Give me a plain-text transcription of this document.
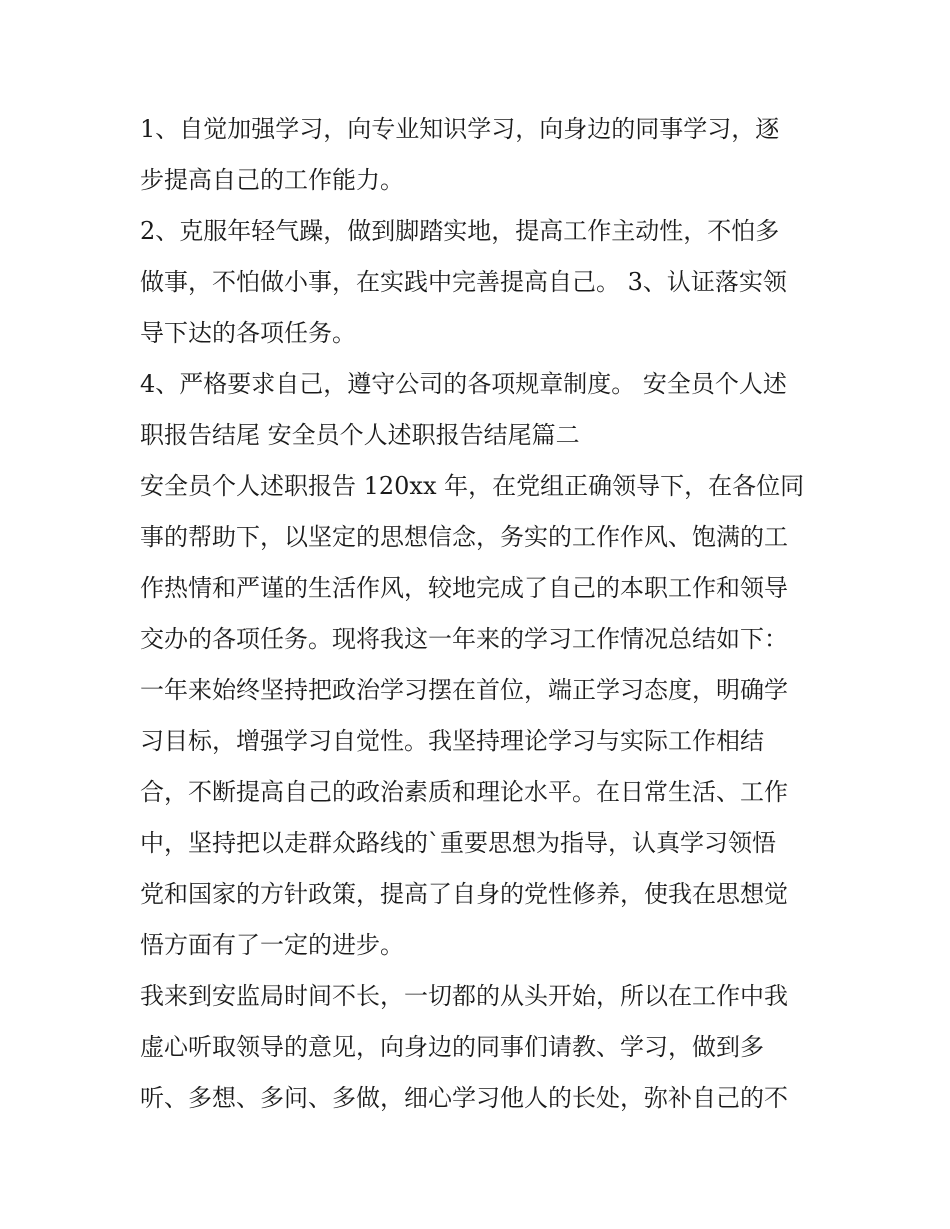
1、自觉加强学习，向专业知识学习，向身边的同事学习，逐
步提高自己的工作能力。
2、克服年轻气躁，做到脚踏实地，提高工作主动性，不怕多
做事，不怕做小事，在实践中完善提高自己。 3、认证落实领
导下达的各项任务。
4、严格要求自己，遵守公司的各项规章制度。 安全员个人述
职报告结尾 安全员个人述职报告结尾篇二
安全员个人述职报告 120xx 年，在党组正确领导下，在各位同
事的帮助下，以坚定的思想信念，务实的工作作风、饱满的工
作热情和严谨的生活作风，较地完成了自己的本职工作和领导
交办的各项任务。现将我这一年来的学习工作情况总结如下：
一年来始终坚持把政治学习摆在首位，端正学习态度，明确学
习目标，增强学习自觉性。我坚持理论学习与实际工作相结
合，不断提高自己的政治素质和理论水平。在日常生活、工作
中，坚持把以走群众路线的`重要思想为指导，认真学习领悟
党和国家的方针政策，提高了自身的党性修养，使我在思想觉
悟方面有了一定的进步。
我来到安监局时间不长，一切都的从头开始，所以在工作中我
虚心听取领导的意见，向身边的同事们请教、学习，做到多
听、多想、多问、多做，细心学习他人的长处，弥补自己的不
